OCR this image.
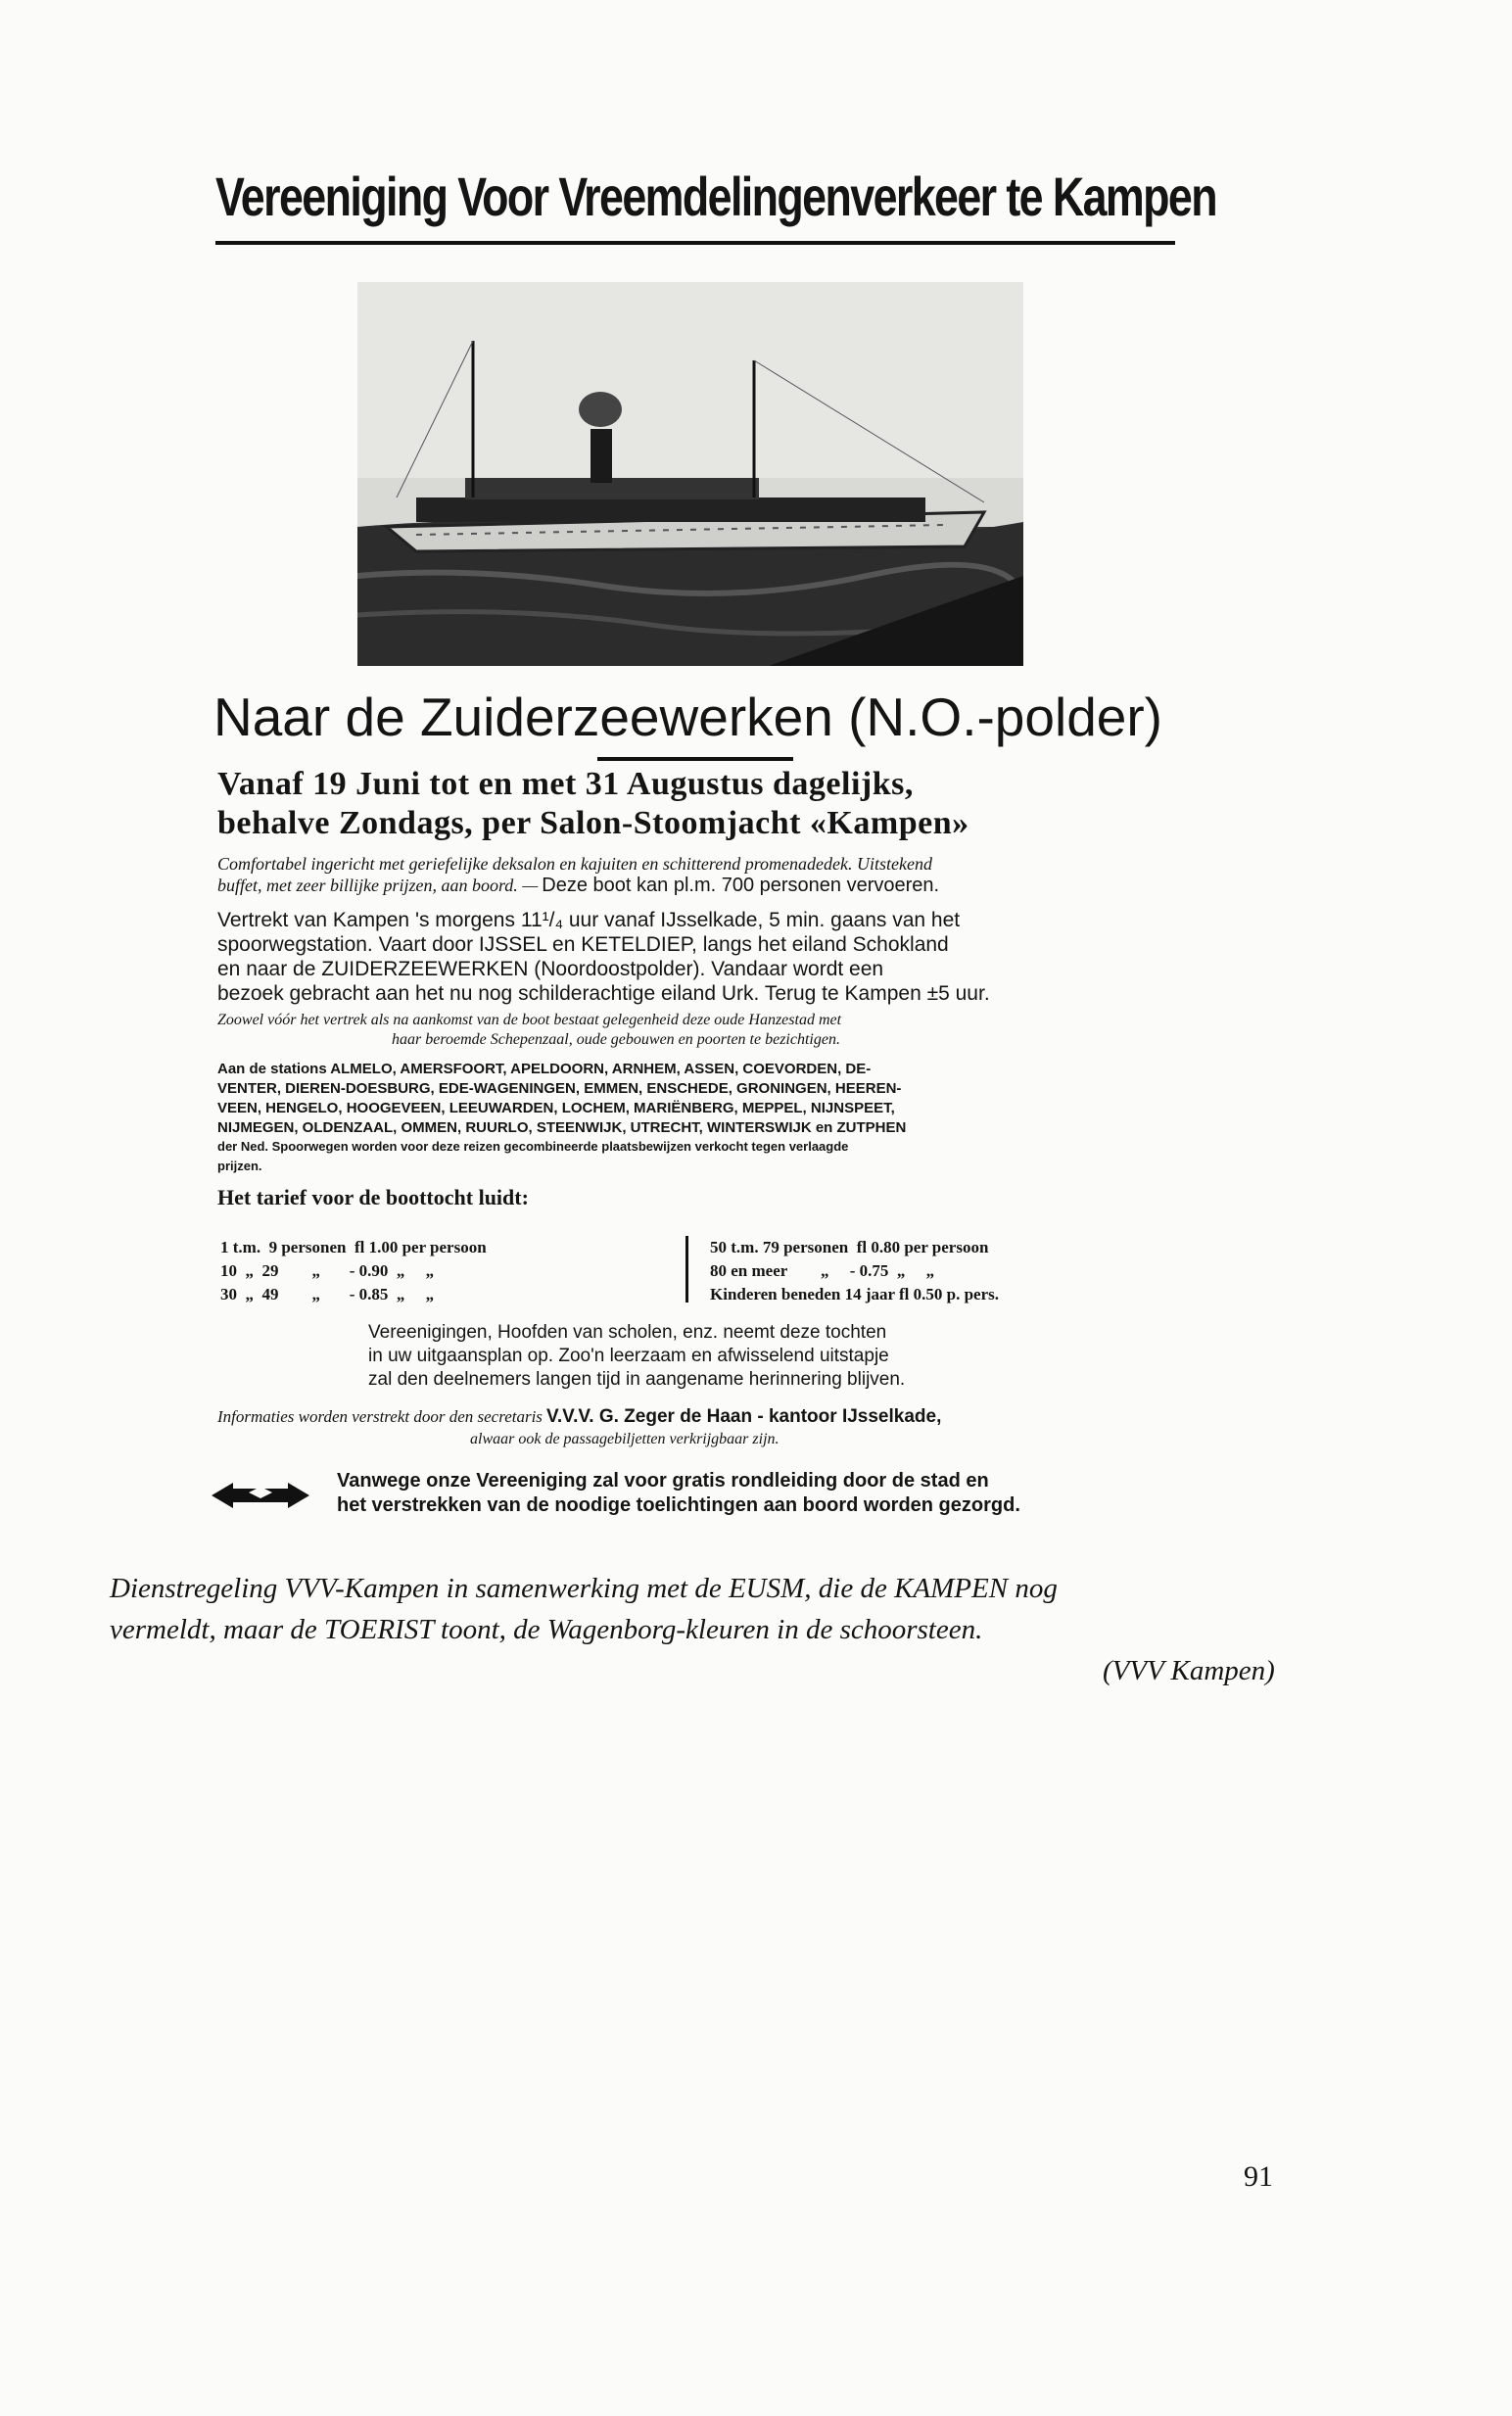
Vereeniging Voor Vreemdelingenverkeer te Kampen
Naar de Zuiderzeewerken (N.O.-polder)
Vanaf 19 Juni tot en met 31 Augustus dagelijks,
behalve Zondags, per Salon-Stoomjacht «Kampen»
Comfortabel ingericht met geriefelijke deksalon en kajuiten en schitterend promenadedek. Uitstekend
buffet, met zeer billijke prijzen, aan boord. — Deze boot kan pl.m. 700 personen vervoeren.
Vertrekt van Kampen 's morgens 11¹/₄ uur vanaf IJsselkade, 5 min. gaans van het
spoorwegstation. Vaart door IJSSEL en KETELDIEP, langs het eiland Schokland
en naar de ZUIDERZEEWERKEN (Noordoostpolder). Vandaar wordt een
bezoek gebracht aan het nu nog schilderachtige eiland Urk. Terug te Kampen ±5 uur.
Zoowel vóór het vertrek als na aankomst van de boot bestaat gelegenheid deze oude Hanzestad met
haar beroemde Schepenzaal, oude gebouwen en poorten te bezichtigen.
Aan de stations ALMELO, AMERSFOORT, APELDOORN, ARNHEM, ASSEN, COEVORDEN, DE-
VENTER, DIEREN-DOESBURG, EDE-WAGENINGEN, EMMEN, ENSCHEDE, GRONINGEN, HEEREN-
VEEN, HENGELO, HOOGEVEEN, LEEUWARDEN, LOCHEM, MARIËNBERG, MEPPEL, NIJNSPEET,
NIJMEGEN, OLDENZAAL, OMMEN, RUURLO, STEENWIJK, UTRECHT, WINTERSWIJK en ZUTPHEN
der Ned. Spoorwegen worden voor deze reizen gecombineerde plaatsbewijzen verkocht tegen verlaagde
prijzen.
Het tarief voor de boottocht luidt:
1 t.m.  9 personen  fl 1.00 per persoon
10  „  29        „       - 0.90  „     „
30  „  49        „       - 0.85  „     „
50 t.m. 79 personen  fl 0.80 per persoon
80 en meer        „     - 0.75  „     „
Kinderen beneden 14 jaar fl 0.50 p. pers.
Vereenigingen, Hoofden van scholen, enz. neemt deze tochten
in uw uitgaansplan op. Zoo'n leerzaam en afwisselend uitstapje
zal den deelnemers langen tijd in aangename herinnering blijven.
Informaties worden verstrekt door den secretaris V.V.V. G. Zeger de Haan - kantoor IJsselkade,
alwaar ook de passagebiljetten verkrijgbaar zijn.
Vanwege onze Vereeniging zal voor gratis rondleiding door de stad en
het verstrekken van de noodige toelichtingen aan boord worden gezorgd.
Dienstregeling VVV-Kampen in samenwerking met de EUSM, die de KAMPEN nog
vermeldt, maar de TOERIST toont, de Wagenborg-kleuren in de schoorsteen.
(VVV Kampen)
91
